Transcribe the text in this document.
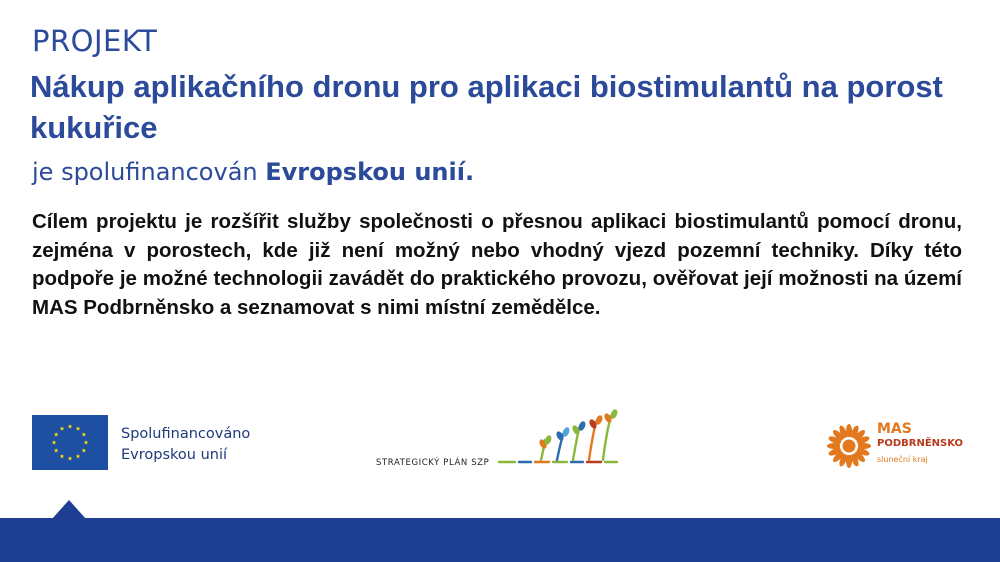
PROJEKT
Nákup aplikačního dronu pro aplikaci biostimulantů na porost kukuřice
je spolufinancován Evropskou unií.
Cílem projektu je rozšířit služby společnosti o přesnou aplikaci biostimulantů pomocí dronu, zejména v porostech, kde již není možný nebo vhodný vjezd pozemní techniky. Díky této podpoře je možné technologii zavádět do praktického provozu, ověřovat její možnosti na území MAS Podbrněnsko a seznamovat s nimi místní zemědělce.
Spolufinancováno
Evropskou unií	STRATEGICKÝ PLÁN SZP
MAS
PODBRNĚNSKO
sluneční kraj
